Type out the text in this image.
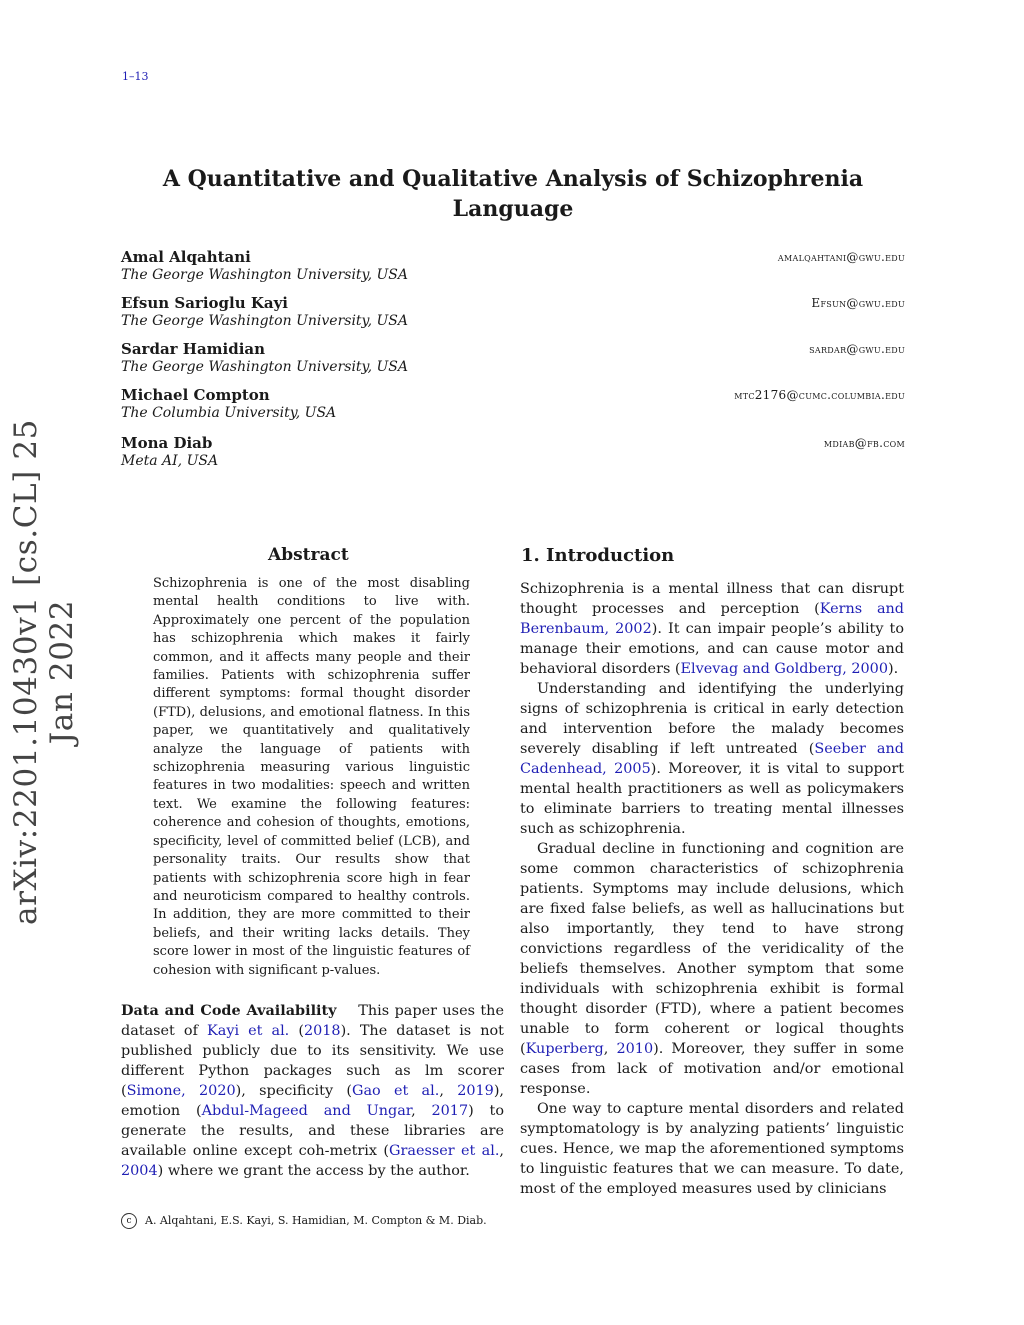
1–13
arXiv:2201.10430v1 [cs.CL] 25 Jan 2022
A Quantitative and Qualitative Analysis of Schizophrenia Language
Amal Alqahtani	amalqahtani@gwu.edu
The George Washington University, USA
Efsun Sarioglu Kayi	Efsun@gwu.edu
The George Washington University, USA
Sardar Hamidian	sardar@gwu.edu
The George Washington University, USA
Michael Compton	mtc2176@cumc.columbia.edu
The Columbia University, USA
Mona Diab	mdiab@fb.com
Meta AI, USA
Abstract
Schizophrenia is one of the most disabling mental health conditions to live with. Approximately one percent of the population has schizophrenia which makes it fairly common, and it affects many people and their families. Patients with schizophrenia suffer different symptoms: formal thought disorder (FTD), delusions, and emotional flatness. In this paper, we quantitatively and qualitatively analyze the language of patients with schizophrenia measuring various linguistic features in two modalities: speech and written text. We examine the following features: coherence and cohesion of thoughts, emotions, specificity, level of committed belief (LCB), and personality traits. Our results show that patients with schizophrenia score high in fear and neuroticism compared to healthy controls. In addition, they are more committed to their beliefs, and their writing lacks details. They score lower in most of the linguistic features of cohesion with significant p-values.
Data and Code Availability This paper uses the dataset of Kayi et al. (2018). The dataset is not published publicly due to its sensitivity. We use different Python packages such as lm scorer (Simone, 2020), specificity (Gao et al., 2019), emotion (Abdul-Mageed and Ungar, 2017) to generate the results, and these libraries are available online except coh-metrix (Graesser et al., 2004) where we grant the access by the author.
1. Introduction

Schizophrenia is a mental illness that can disrupt thought processes and perception (Kerns and Berenbaum, 2002). It can impair people’s ability to manage their emotions, and can cause motor and behavioral disorders (Elvevag and Goldberg, 2000).

Understanding and identifying the underlying signs of schizophrenia is critical in early detection and intervention before the malady becomes severely disabling if left untreated (Seeber and Cadenhead, 2005). Moreover, it is vital to support mental health practitioners as well as policymakers to eliminate barriers to treating mental illnesses such as schizophrenia.

Gradual decline in functioning and cognition are some common characteristics of schizophrenia patients. Symptoms may include delusions, which are fixed false beliefs, as well as hallucinations but also importantly, they tend to have strong convictions regardless of the veridicality of the beliefs themselves. Another symptom that some individuals with schizophrenia exhibit is formal thought disorder (FTD), where a patient becomes unable to form coherent or logical thoughts (Kuperberg, 2010). Moreover, they suffer in some cases from lack of motivation and/or emotional response.

One way to capture mental disorders and related symptomatology is by analyzing patients’ linguistic cues. Hence, we map the aforementioned symptoms to linguistic features that we can measure. To date, most of the employed measures used by clinicians

c A. Alqahtani, E.S. Kayi, S. Hamidian, M. Compton & M. Diab.
